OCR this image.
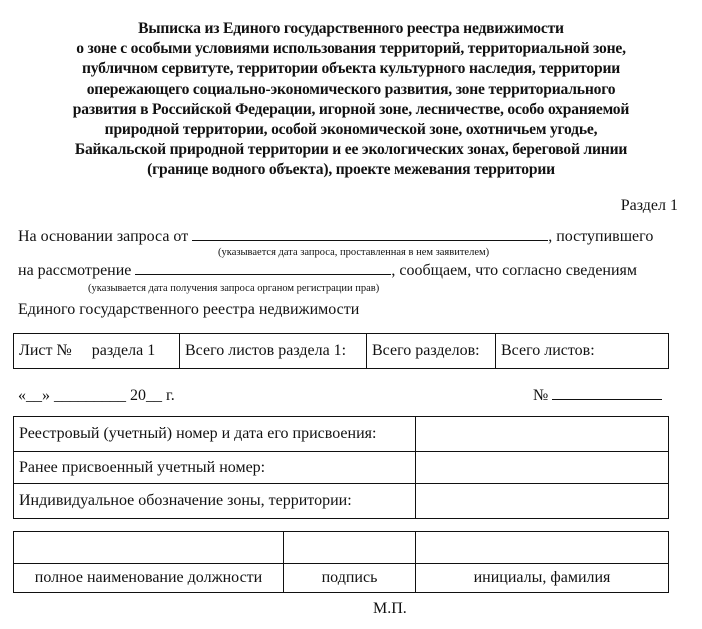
Выписка из Единого государственного реестра недвижимости
о зоне с особыми условиями использования территорий, территориальной зоне,
публичном сервитуте, территории объекта культурного наследия, территории
опережающего социально-экономического развития, зоне территориального
развития в Российской Федерации, игорной зоне, лесничестве, особо охраняемой
природной территории, особой экономической зоне, охотничьем угодье,
Байкальской природной территории и ее экологических зонах, береговой линии
(границе водного объекта), проекте межевания территории
Раздел 1
На основании запроса от	, поступившего
(указывается дата запроса, проставленная в нем заявителем)
на рассмотрение	, сообщаем, что согласно сведениям
(указывается дата получения запроса органом регистрации прав)
Единого государственного реестра недвижимости
Лист №     раздела 1	Всего листов раздела 1:	Всего разделов:	Всего листов:
«__» _________ 20__ г.	№
Реестровый (учетный) номер и дата его присвоения:	
Ранее присвоенный учетный номер:	
Индивидуальное обозначение зоны, территории:	

полное наименование должности	подпись	инициалы, фамилия
М.П.
